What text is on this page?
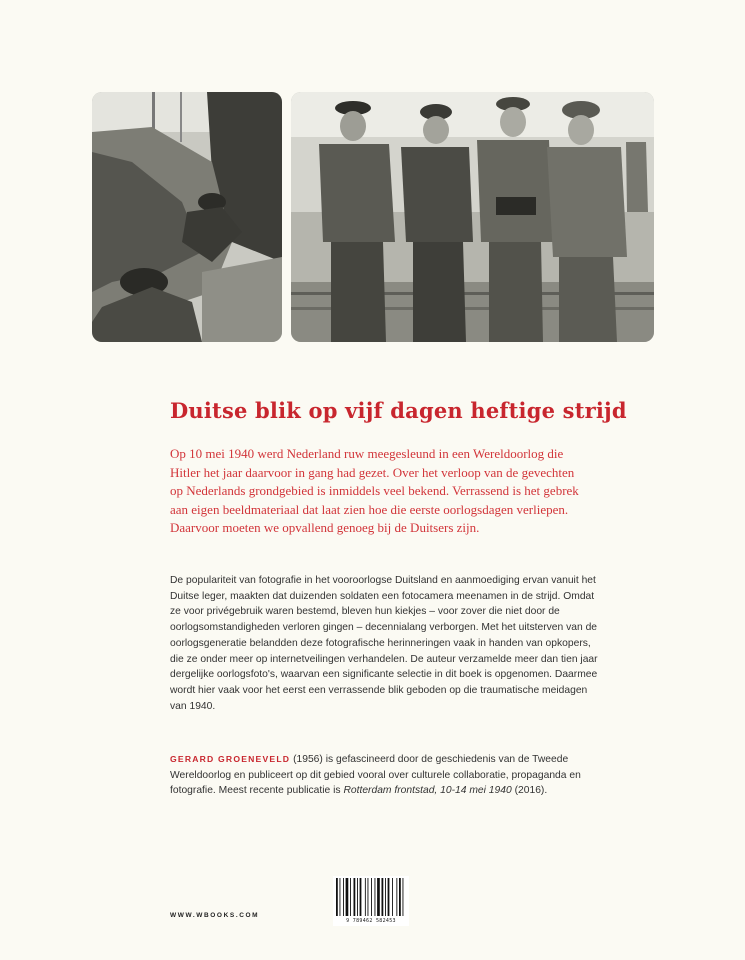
Duitse blik op vijf dagen heftige strijd

Op 10 mei 1940 werd Nederland ruw meegesleund in een Wereldoorlog die Hitler het jaar daarvoor in gang had gezet. Over het verloop van de gevechten op Nederlands grondgebied is inmiddels veel bekend. Verrassend is het gebrek aan eigen beeldmateriaal dat laat zien hoe die eerste oorlogsdagen verliepen. Daarvoor moeten we opvallend genoeg bij de Duitsers zijn.

De populariteit van fotografie in het vooroorlogse Duitsland en aanmoediging ervan vanuit het Duitse leger, maakten dat duizenden soldaten een fotocamera meenamen in de strijd. Omdat ze voor privégebruik waren bestemd, bleven hun kiekjes – voor zover die niet door de oorlogsomstandigheden verloren gingen – decennialang verborgen. Met het uitsterven van de oorlogsgeneratie belandden deze fotografische herinneringen vaak in handen van opkopers, die ze onder meer op internetveilingen verhandelen. De auteur verzamelde meer dan tien jaar dergelijke oorlogsfoto's, waarvan een significante selectie in dit boek is opgenomen. Daarmee wordt hier vaak voor het eerst een verrassende blik geboden op die traumatische meidagen van 1940.

GERARD GROENEVELD (1956) is gefascineerd door de geschiedenis van de Tweede Wereldoorlog en publiceert op dit gebied vooral over culturele collaboratie, propaganda en fotografie. Meest recente publicatie is Rotterdam frontstad, 10-14 mei 1940 (2016).

WWW.WBOOKS.COM
9 789462 582453
